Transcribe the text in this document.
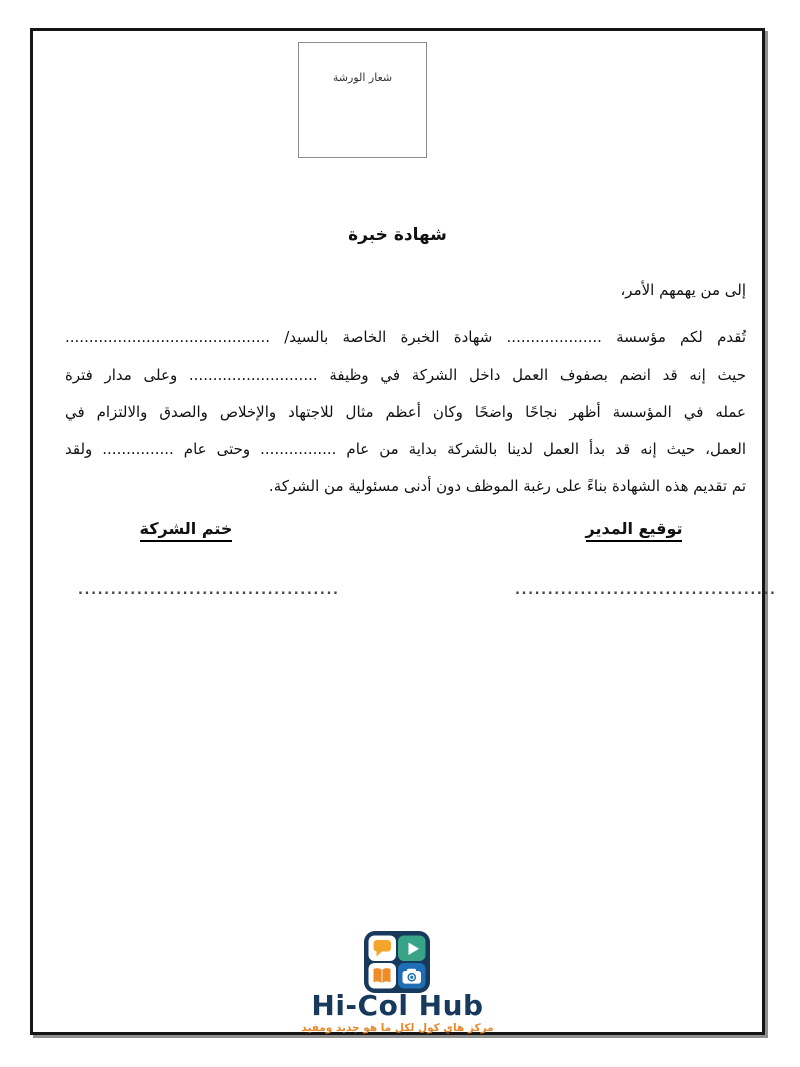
شعار الورشة
شهادة خبرة
إلى من يهمهم الأمر،
تُقدم لكم مؤسسة .................... شهادة الخبرة الخاصة بالسيد/ ...........................................
حيث إنه قد انضم بصفوف العمل داخل الشركة في وظيفة ........................... وعلى مدار فترة
عمله في المؤسسة أظهر نجاحًا واضحًا وكان أعظم مثال للاجتهاد والإخلاص والصدق والالتزام في
العمل، حيث إنه قد بدأ العمل لدينا بالشركة بداية من عام ................ وحتى عام ............... ولقد
تم تقديم هذه الشهادة بناءً على رغبة الموظف دون أدنى مسئولية من الشركة.
توقيع المدير
ختم الشركة
........................................
........................................
Hi-Col Hub
مركز هاي كول لكل ما هو جديد ومفيد
